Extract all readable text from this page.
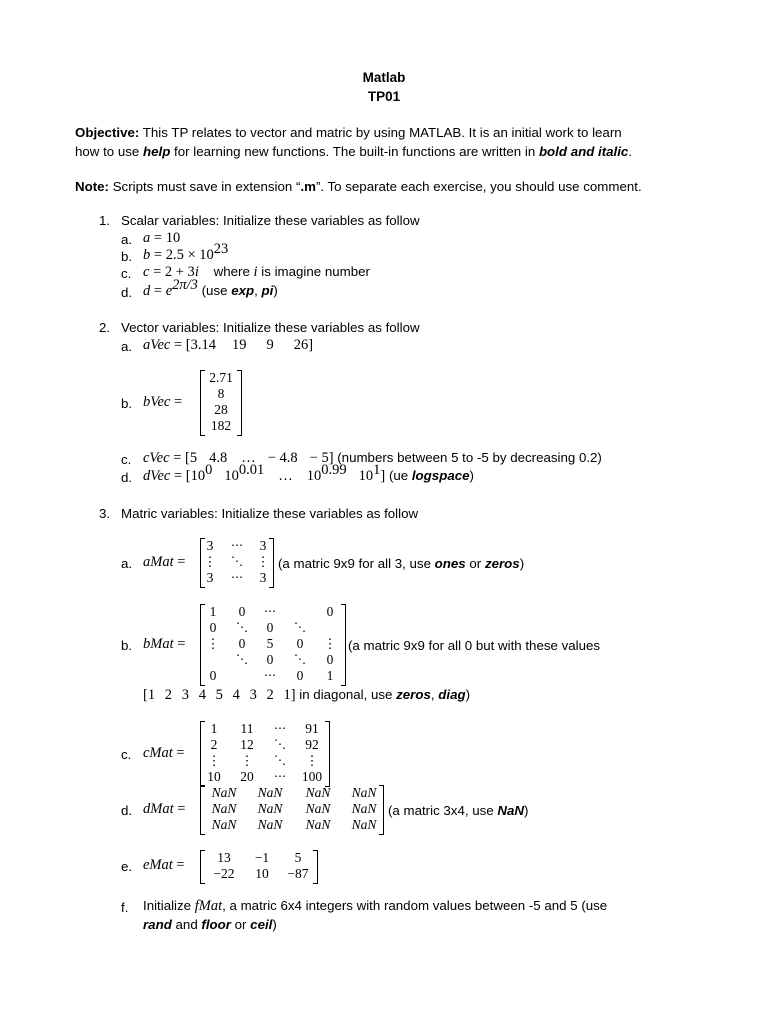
Matlab
TP01
Objective: This TP relates to vector and matric by using MATLAB. It is an initial work to learn
how to use help for learning new functions. The built-in functions are written in bold and italic.
Note: Scripts must save in extension “.m”. To separate each exercise, you should use comment.
1. Scalar variables: Initialize these variables as follow
a. a = 10
b. $b = 2.5 \times 10^{23}$
c. c = 2 + 3i where i is imagine number
d. $d = e^{2\pi/3}$ (use exp, pi)
2. Vector variables: Initialize these variables as follow
a. aVec = [3.14 19 9 26]
b. bVec =
2.71
8
28
182
c. cVec = [5 4.8 … − 4.8 − 5] (numbers between 5 to -5 by decreasing 0.2)
d. dVec = [$10^0$ $10^{0.01}$ … $10^{0.99}$ $10^1$] (ue logspace)
3. Matric variables: Initialize these variables as follow
a. aMat =
3 ⋯ 3
⋮ ⋱ ⋮
3 ⋯ 3
(a matric 9x9 for all 3, use ones or zeros)
b. bMat =
1 0 ⋯	0
0 ⋱ 0 ⋱
⋮ 0 5 0 ⋮
⋱ 0 ⋱ 0
0	⋯ 0 1
(a matric 9x9 for all 0 but with these values
[1 2 3 4 5 4 3 2 1] in diagonal, use zeros, diag)
c. cMat =
1 11 ⋯ 91
2 12 ⋱ 92
⋮ ⋮ ⋱ ⋮
10 20 ⋯ 100
d. dMat =
NaN NaN NaN NaN
NaN NaN NaN NaN
NaN NaN NaN NaN
(a matric 3x4, use NaN)
e. eMat = 13 −1 5
−22 10 −87
f. Initialize fMat, a matric 6x4 integers with random values between -5 and 5 (use
rand and floor or ceil)
